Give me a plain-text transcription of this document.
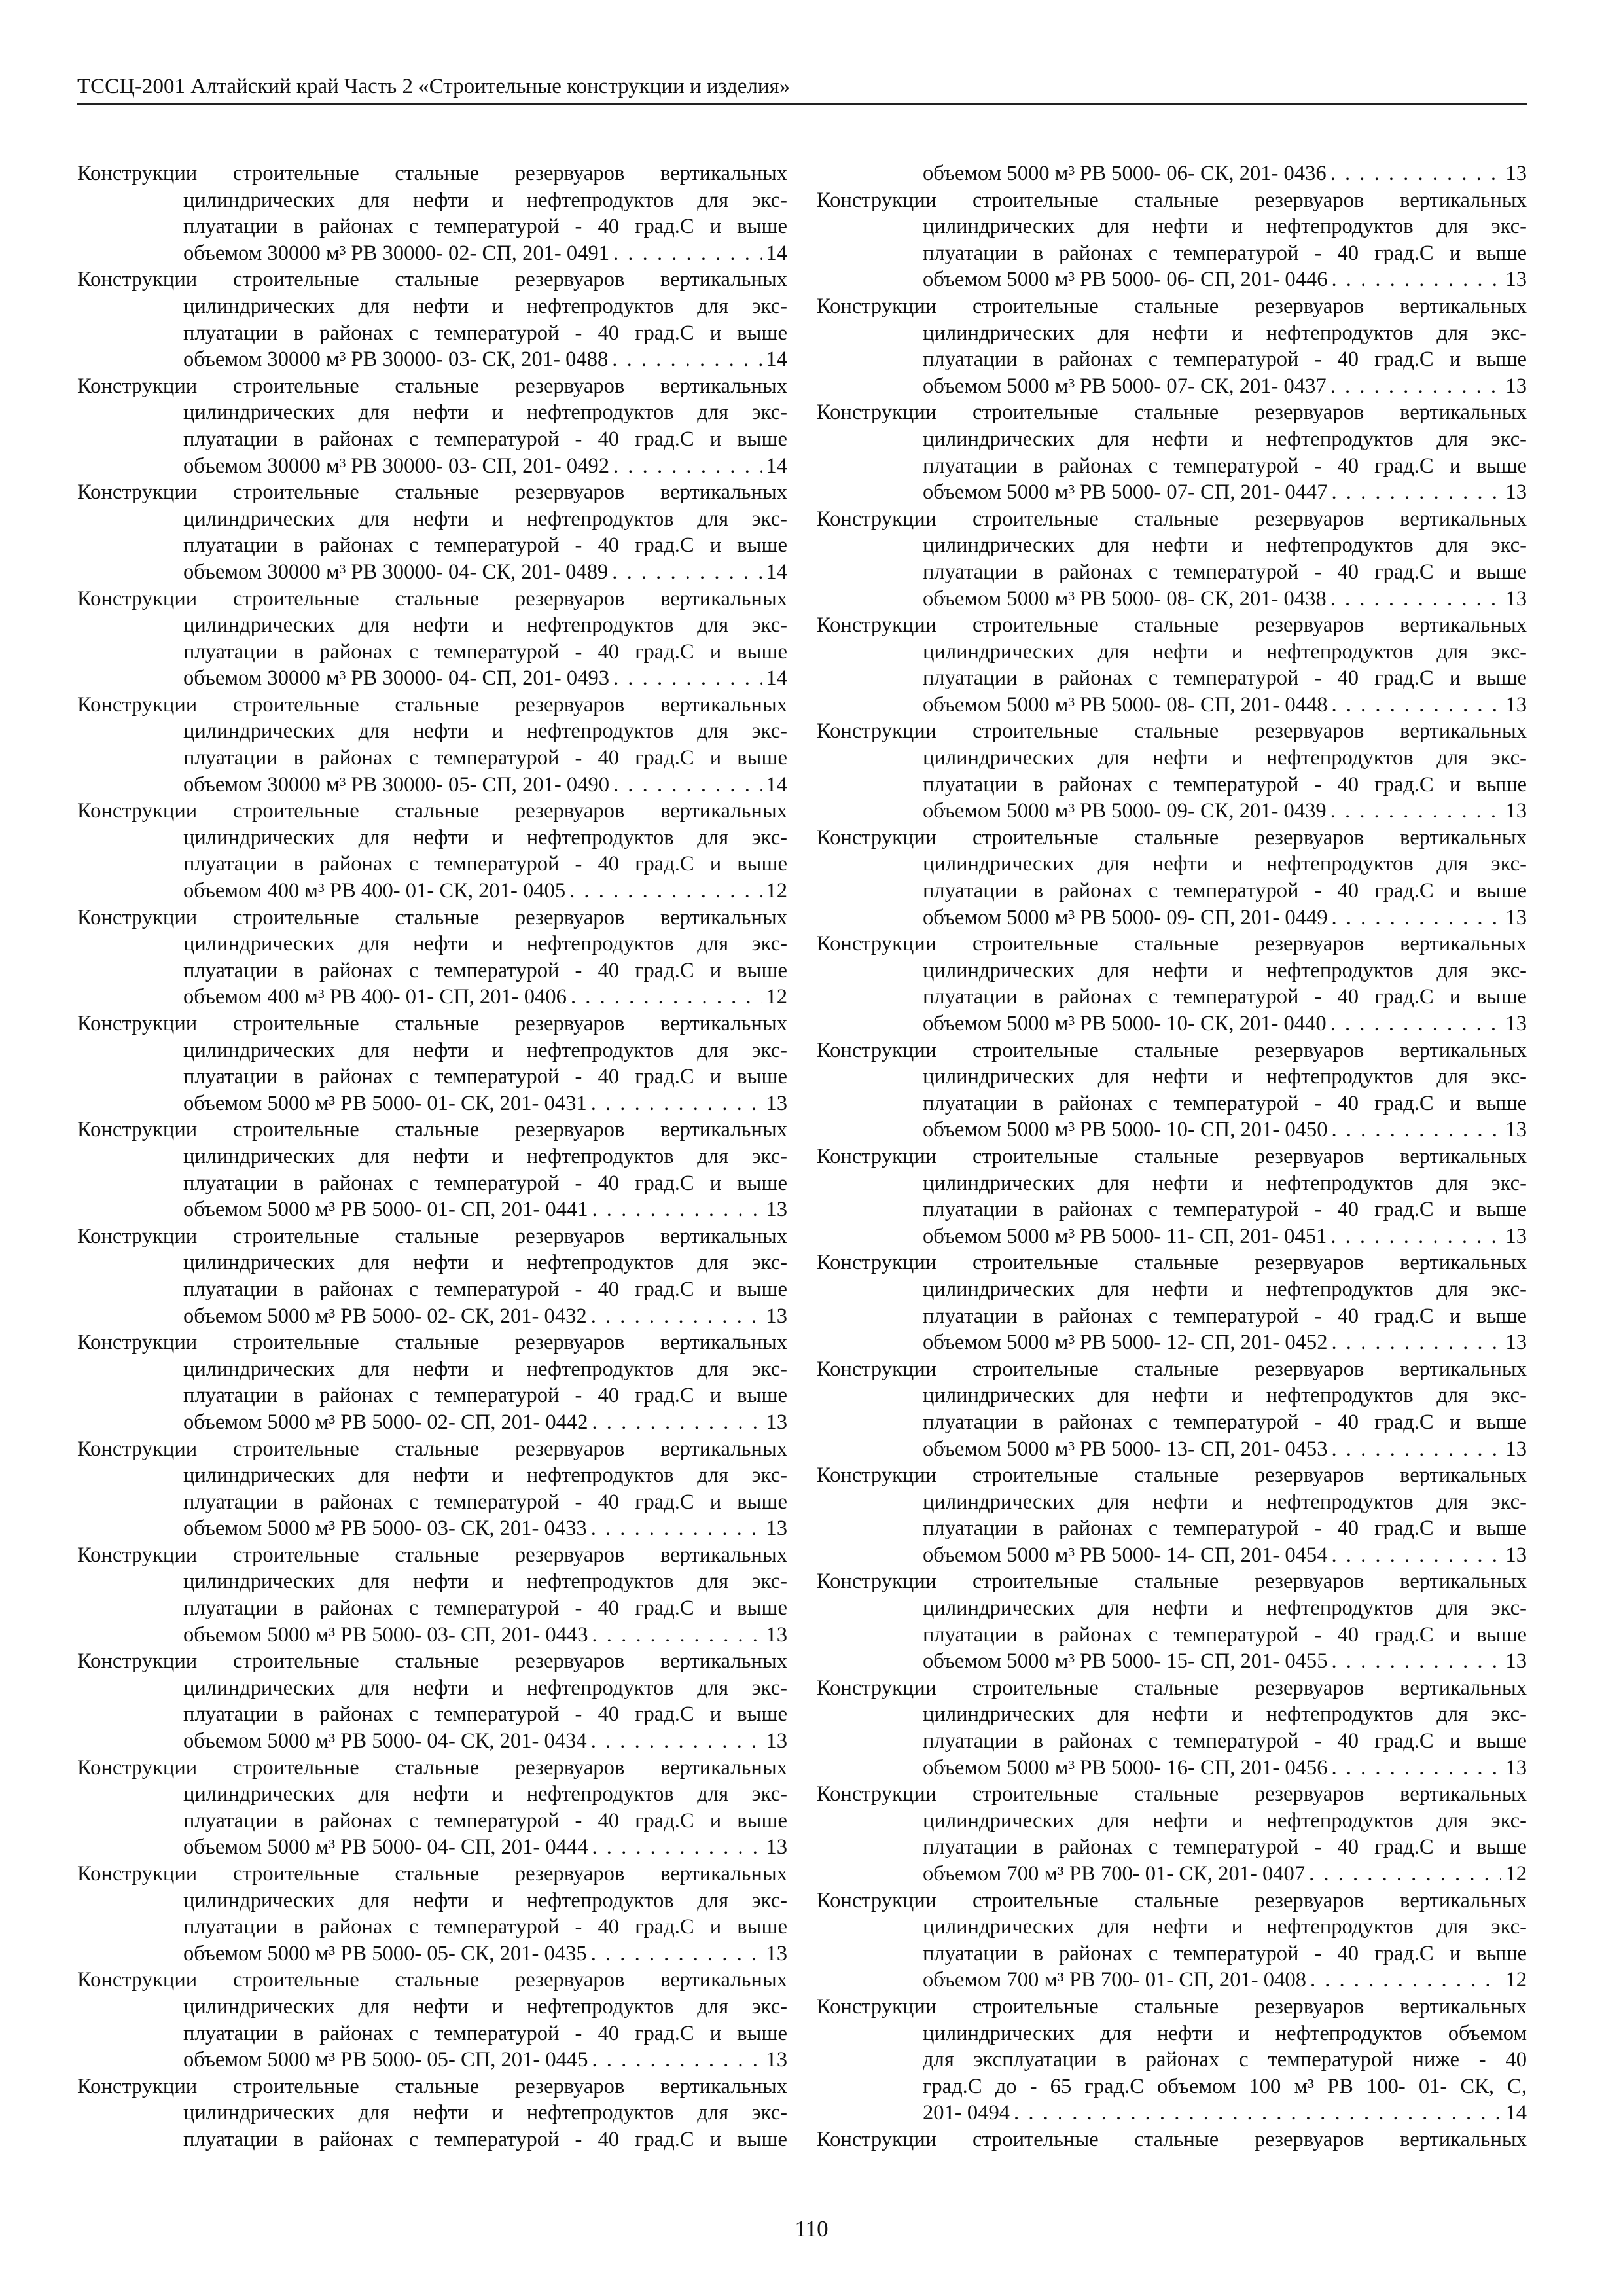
ТССЦ-2001 Алтайский край Часть 2 «Строительные конструкции и изделия»
Конструкции строительные стальные резервуаров вертикальных
цилиндрических для нефти и нефтепродуктов для экс-
плуатации в районах с температурой - 40 град.С и выше
объемом 30000 м³ РВ 30000- 02- СП, 201- 0491 . . .	14
Конструкции строительные стальные резервуаров вертикальных
цилиндрических для нефти и нефтепродуктов для экс-
плуатации в районах с температурой - 40 град.С и выше
объемом 30000 м³ РВ 30000- 03- СК, 201- 0488 . . .	14
Конструкции строительные стальные резервуаров вертикальных
цилиндрических для нефти и нефтепродуктов для экс-
плуатации в районах с температурой - 40 град.С и выше
объемом 30000 м³ РВ 30000- 03- СП, 201- 0492 . . .	14
Конструкции строительные стальные резервуаров вертикальных
цилиндрических для нефти и нефтепродуктов для экс-
плуатации в районах с температурой - 40 град.С и выше
объемом 30000 м³ РВ 30000- 04- СК, 201- 0489 . . .	14
Конструкции строительные стальные резервуаров вертикальных
цилиндрических для нефти и нефтепродуктов для экс-
плуатации в районах с температурой - 40 град.С и выше
объемом 30000 м³ РВ 30000- 04- СП, 201- 0493 . . .	14
Конструкции строительные стальные резервуаров вертикальных
цилиндрических для нефти и нефтепродуктов для экс-
плуатации в районах с температурой - 40 град.С и выше
объемом 30000 м³ РВ 30000- 05- СП, 201- 0490 . . .	14
Конструкции строительные стальные резервуаров вертикальных
цилиндрических для нефти и нефтепродуктов для экс-
плуатации в районах с температурой - 40 град.С и выше
объемом 400 м³ РВ 400- 01- СК, 201- 0405 . . .	12
Конструкции строительные стальные резервуаров вертикальных
цилиндрических для нефти и нефтепродуктов для экс-
плуатации в районах с температурой - 40 град.С и выше
объемом 400 м³ РВ 400- 01- СП, 201- 0406 . . .	12
Конструкции строительные стальные резервуаров вертикальных
цилиндрических для нефти и нефтепродуктов для экс-
плуатации в районах с температурой - 40 град.С и выше
объемом 5000 м³ РВ 5000- 01- СК, 201- 0431 . . .	13
Конструкции строительные стальные резервуаров вертикальных
цилиндрических для нефти и нефтепродуктов для экс-
плуатации в районах с температурой - 40 град.С и выше
объемом 5000 м³ РВ 5000- 01- СП, 201- 0441 . . .	13
Конструкции строительные стальные резервуаров вертикальных
цилиндрических для нефти и нефтепродуктов для экс-
плуатации в районах с температурой - 40 град.С и выше
объемом 5000 м³ РВ 5000- 02- СК, 201- 0432 . . .	13
Конструкции строительные стальные резервуаров вертикальных
цилиндрических для нефти и нефтепродуктов для экс-
плуатации в районах с температурой - 40 град.С и выше
объемом 5000 м³ РВ 5000- 02- СП, 201- 0442 . . .	13
Конструкции строительные стальные резервуаров вертикальных
цилиндрических для нефти и нефтепродуктов для экс-
плуатации в районах с температурой - 40 град.С и выше
объемом 5000 м³ РВ 5000- 03- СК, 201- 0433 . . .	13
Конструкции строительные стальные резервуаров вертикальных
цилиндрических для нефти и нефтепродуктов для экс-
плуатации в районах с температурой - 40 град.С и выше
объемом 5000 м³ РВ 5000- 03- СП, 201- 0443 . . .	13
Конструкции строительные стальные резервуаров вертикальных
цилиндрических для нефти и нефтепродуктов для экс-
плуатации в районах с температурой - 40 град.С и выше
объемом 5000 м³ РВ 5000- 04- СК, 201- 0434 . . .	13
Конструкции строительные стальные резервуаров вертикальных
цилиндрических для нефти и нефтепродуктов для экс-
плуатации в районах с температурой - 40 град.С и выше
объемом 5000 м³ РВ 5000- 04- СП, 201- 0444 . . .	13
Конструкции строительные стальные резервуаров вертикальных
цилиндрических для нефти и нефтепродуктов для экс-
плуатации в районах с температурой - 40 град.С и выше
объемом 5000 м³ РВ 5000- 05- СК, 201- 0435 . . .	13
Конструкции строительные стальные резервуаров вертикальных
цилиндрических для нефти и нефтепродуктов для экс-
плуатации в районах с температурой - 40 град.С и выше
объемом 5000 м³ РВ 5000- 05- СП, 201- 0445 . . .	13
Конструкции строительные стальные резервуаров вертикальных
цилиндрических для нефти и нефтепродуктов для экс-
плуатации в районах с температурой - 40 град.С и выше
объемом 5000 м³ РВ 5000- 06- СК, 201- 0436 . . .	13
Конструкции строительные стальные резервуаров вертикальных
цилиндрических для нефти и нефтепродуктов для экс-
плуатации в районах с температурой - 40 град.С и выше
объемом 5000 м³ РВ 5000- 06- СП, 201- 0446 . . .	13
Конструкции строительные стальные резервуаров вертикальных
цилиндрических для нефти и нефтепродуктов для экс-
плуатации в районах с температурой - 40 град.С и выше
объемом 5000 м³ РВ 5000- 07- СК, 201- 0437 . . .	13
Конструкции строительные стальные резервуаров вертикальных
цилиндрических для нефти и нефтепродуктов для экс-
плуатации в районах с температурой - 40 град.С и выше
объемом 5000 м³ РВ 5000- 07- СП, 201- 0447 . . .	13
Конструкции строительные стальные резервуаров вертикальных
цилиндрических для нефти и нефтепродуктов для экс-
плуатации в районах с температурой - 40 град.С и выше
объемом 5000 м³ РВ 5000- 08- СК, 201- 0438 . . .	13
Конструкции строительные стальные резервуаров вертикальных
цилиндрических для нефти и нефтепродуктов для экс-
плуатации в районах с температурой - 40 град.С и выше
объемом 5000 м³ РВ 5000- 08- СП, 201- 0448 . . .	13
Конструкции строительные стальные резервуаров вертикальных
цилиндрических для нефти и нефтепродуктов для экс-
плуатации в районах с температурой - 40 град.С и выше
объемом 5000 м³ РВ 5000- 09- СК, 201- 0439 . . .	13
Конструкции строительные стальные резервуаров вертикальных
цилиндрических для нефти и нефтепродуктов для экс-
плуатации в районах с температурой - 40 град.С и выше
объемом 5000 м³ РВ 5000- 09- СП, 201- 0449 . . .	13
Конструкции строительные стальные резервуаров вертикальных
цилиндрических для нефти и нефтепродуктов для экс-
плуатации в районах с температурой - 40 град.С и выше
объемом 5000 м³ РВ 5000- 10- СК, 201- 0440 . . .	13
Конструкции строительные стальные резервуаров вертикальных
цилиндрических для нефти и нефтепродуктов для экс-
плуатации в районах с температурой - 40 град.С и выше
объемом 5000 м³ РВ 5000- 10- СП, 201- 0450 . . .	13
Конструкции строительные стальные резервуаров вертикальных
цилиндрических для нефти и нефтепродуктов для экс-
плуатации в районах с температурой - 40 град.С и выше
объемом 5000 м³ РВ 5000- 11- СП, 201- 0451 . . .	13
Конструкции строительные стальные резервуаров вертикальных
цилиндрических для нефти и нефтепродуктов для экс-
плуатации в районах с температурой - 40 град.С и выше
объемом 5000 м³ РВ 5000- 12- СП, 201- 0452 . . .	13
Конструкции строительные стальные резервуаров вертикальных
цилиндрических для нефти и нефтепродуктов для экс-
плуатации в районах с температурой - 40 град.С и выше
объемом 5000 м³ РВ 5000- 13- СП, 201- 0453 . . .	13
Конструкции строительные стальные резервуаров вертикальных
цилиндрических для нефти и нефтепродуктов для экс-
плуатации в районах с температурой - 40 град.С и выше
объемом 5000 м³ РВ 5000- 14- СП, 201- 0454 . . .	13
Конструкции строительные стальные резервуаров вертикальных
цилиндрических для нефти и нефтепродуктов для экс-
плуатации в районах с температурой - 40 град.С и выше
объемом 5000 м³ РВ 5000- 15- СП, 201- 0455 . . .	13
Конструкции строительные стальные резервуаров вертикальных
цилиндрических для нефти и нефтепродуктов для экс-
плуатации в районах с температурой - 40 град.С и выше
объемом 5000 м³ РВ 5000- 16- СП, 201- 0456 . . .	13
Конструкции строительные стальные резервуаров вертикальных
цилиндрических для нефти и нефтепродуктов для экс-
плуатации в районах с температурой - 40 град.С и выше
объемом 700 м³ РВ 700- 01- СК, 201- 0407 . . .	12
Конструкции строительные стальные резервуаров вертикальных
цилиндрических для нефти и нефтепродуктов для экс-
плуатации в районах с температурой - 40 град.С и выше
объемом 700 м³ РВ 700- 01- СП, 201- 0408 . . .	12
Конструкции строительные стальные резервуаров вертикальных
цилиндрических для нефти и нефтепродуктов объемом
для эксплуатации в районах с температурой ниже - 40
град.С до - 65 град.С объемом 100 м³ РВ 100- 01- СК, С,
201- 0494 . . .	14
Конструкции строительные стальные резервуаров вертикальных
110
